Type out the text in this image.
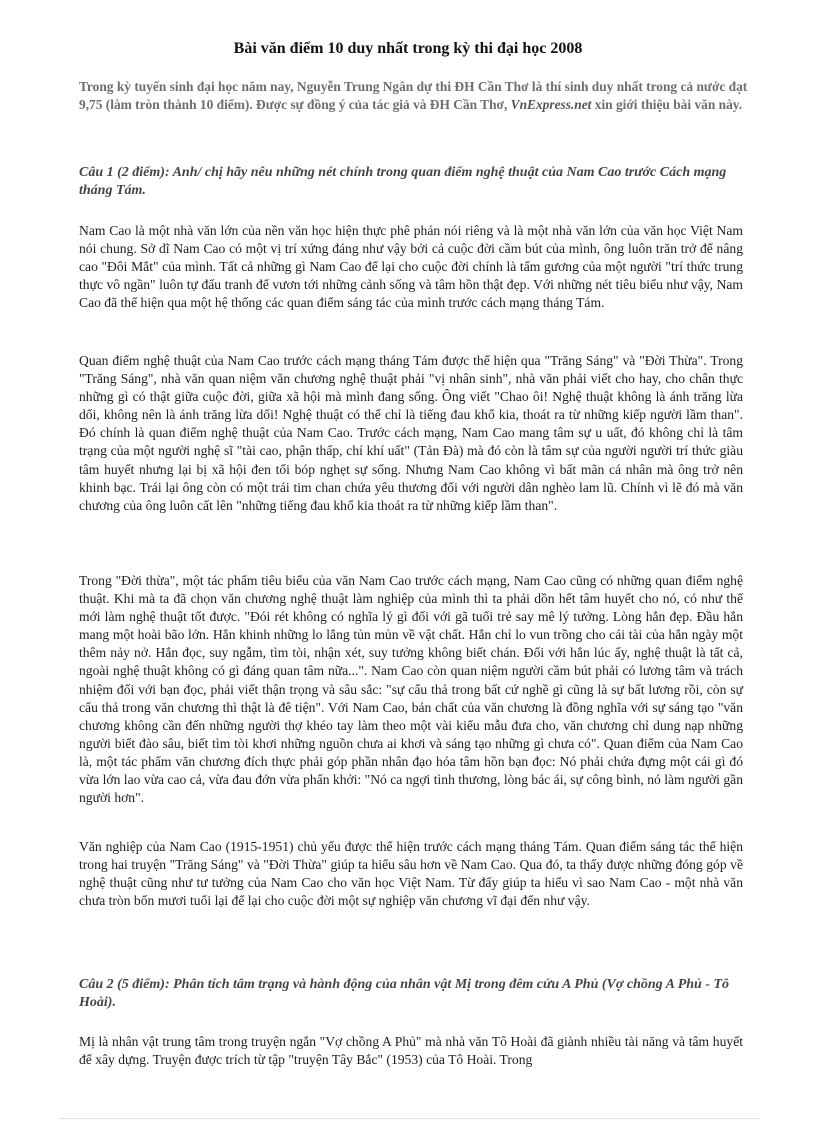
Bài văn điểm 10 duy nhất trong kỳ thi đại học 2008
Trong kỳ tuyển sinh đại học năm nay, Nguyễn Trung Ngân dự thi ĐH Cần Thơ là thí sinh duy nhất trong cả nước đạt 9,75 (làm tròn thành 10 điểm). Được sự đồng ý của tác giả và ĐH Cần Thơ, VnExpress.net xin giới thiệu bài văn này.
Câu 1 (2 điểm): Anh/ chị hãy nêu những nét chính trong quan điểm nghệ thuật của Nam Cao trước Cách mạng tháng Tám.
Nam Cao là một nhà văn lớn của nền văn học hiện thực phê phán nói riêng và là một nhà văn lớn của văn học Việt Nam nói chung. Sở dĩ Nam Cao có một vị trí xứng đáng như vậy bởi cả cuộc đời cầm bút của mình, ông luôn trăn trở để nâng cao "Đôi Mắt" của mình. Tất cả những gì Nam Cao để lại cho cuộc đời chính là tấm gương của một người "trí thức trung thực vô ngần" luôn tự đấu tranh để vươn tới những cảnh sống và tâm hồn thật đẹp. Với những nét tiêu biểu như vậy, Nam Cao đã thể hiện qua một hệ thống các quan điểm sáng tác của mình trước cách mạng tháng Tám.
Quan điểm nghệ thuật của Nam Cao trước cách mạng tháng Tám được thể hiện qua "Trăng Sáng" và "Đời Thừa". Trong "Trăng Sáng", nhà văn quan niệm văn chương nghệ thuật phải "vị nhân sinh", nhà văn phải viết cho hay, cho chân thực những gì có thật giữa cuộc đời, giữa xã hội mà mình đang sống. Ông viết "Chao ôi! Nghệ thuật không là ánh trăng lừa dối, không nên là ánh trăng lừa dối! Nghệ thuật có thể chỉ là tiếng đau khổ kia, thoát ra từ những kiếp người lầm than". Đó chính là quan điểm nghệ thuật của Nam Cao. Trước cách mạng, Nam Cao mang tâm sự u uất, đó không chỉ là tâm trạng của một người nghệ sĩ "tài cao, phận thấp, chí khí uất" (Tản Đà) mà đó còn là tâm sự của người người trí thức giàu tâm huyết nhưng lại bị xã hội đen tối bóp nghẹt sự sống. Nhưng Nam Cao không vì bất mãn cá nhân mà ông trở nên khinh bạc. Trái lại ông còn có một trái tim chan chứa yêu thương đối với người dân nghèo lam lũ. Chính vì lẽ đó mà văn chương của ông luôn cất lên "những tiếng đau khổ kia thoát ra từ những kiếp lầm than".
Trong "Đời thừa", một tác phẩm tiêu biểu của văn Nam Cao trước cách mạng, Nam Cao cũng có những quan điểm nghệ thuật. Khi mà ta đã chọn văn chương nghệ thuật làm nghiệp của mình thì ta phải dồn hết tâm huyết cho nó, có như thế mới làm nghệ thuật tốt được. "Đói rét không có nghĩa lý gì đối với gã tuổi trẻ say mê lý tưởng. Lòng hắn đẹp. Đầu hắn mang một hoài bão lớn. Hắn khinh những lo lắng tủn mủn về vật chất. Hắn chỉ lo vun trồng cho cái tài của hắn ngày một thêm nảy nở. Hắn đọc, suy ngẫm, tìm tòi, nhận xét, suy tưởng không biết chán. Đối với hắn lúc ấy, nghệ thuật là tất cả, ngoài nghệ thuật không có gì đáng quan tâm nữa...". Nam Cao còn quan niệm người cầm bút phải có lương tâm và trách nhiệm đối với bạn đọc, phải viết thận trọng và sâu sắc: "sự cẩu thả trong bất cứ nghề gì cũng là sự bất lương rồi, còn sự cẩu thả trong văn chương thì thật là đê tiện". Với Nam Cao, bản chất của văn chương là đồng nghĩa với sự sáng tạo "văn chương không cần đến những người thợ khéo tay làm theo một vài kiểu mẫu đưa cho, văn chương chỉ dung nạp những người biết đào sâu, biết tìm tòi khơi những nguồn chưa ai khơi và sáng tạo những gì chưa có". Quan điểm của Nam Cao là, một tác phẩm văn chương đích thực phải góp phần nhân đạo hóa tâm hồn bạn đọc: Nó phải chứa đựng một cái gì đó vừa lớn lao vừa cao cả, vừa đau đớn vừa phấn khởi: "Nó ca ngợi tình thương, lòng bác ái, sự công bình, nó làm người gần người hơn".
Văn nghiệp của Nam Cao (1915-1951) chủ yếu được thể hiện trước cách mạng tháng Tám. Quan điểm sáng tác thể hiện trong hai truyện "Trăng Sáng" và "Đời Thừa" giúp ta hiểu sâu hơn về Nam Cao. Qua đó, ta thấy được những đóng góp về nghệ thuật cũng như tư tưởng của Nam Cao cho văn học Việt Nam. Từ đấy giúp ta hiểu vì sao Nam Cao - một nhà văn chưa tròn bốn mươi tuổi lại để lại cho cuộc đời một sự nghiệp văn chương vĩ đại đến như vậy.
Câu 2 (5 điểm): Phân tích tâm trạng và hành động của nhân vật Mị trong đêm cứu A Phủ (Vợ chồng A Phủ - Tô Hoài).
Mị là nhân vật trung tâm trong truyện ngắn "Vợ chồng A Phủ" mà nhà văn Tô Hoài đã giành nhiều tài năng và tâm huyết để xây dựng. Truyện được trích từ tập "truyện Tây Bắc" (1953) của Tô Hoài. Trong
